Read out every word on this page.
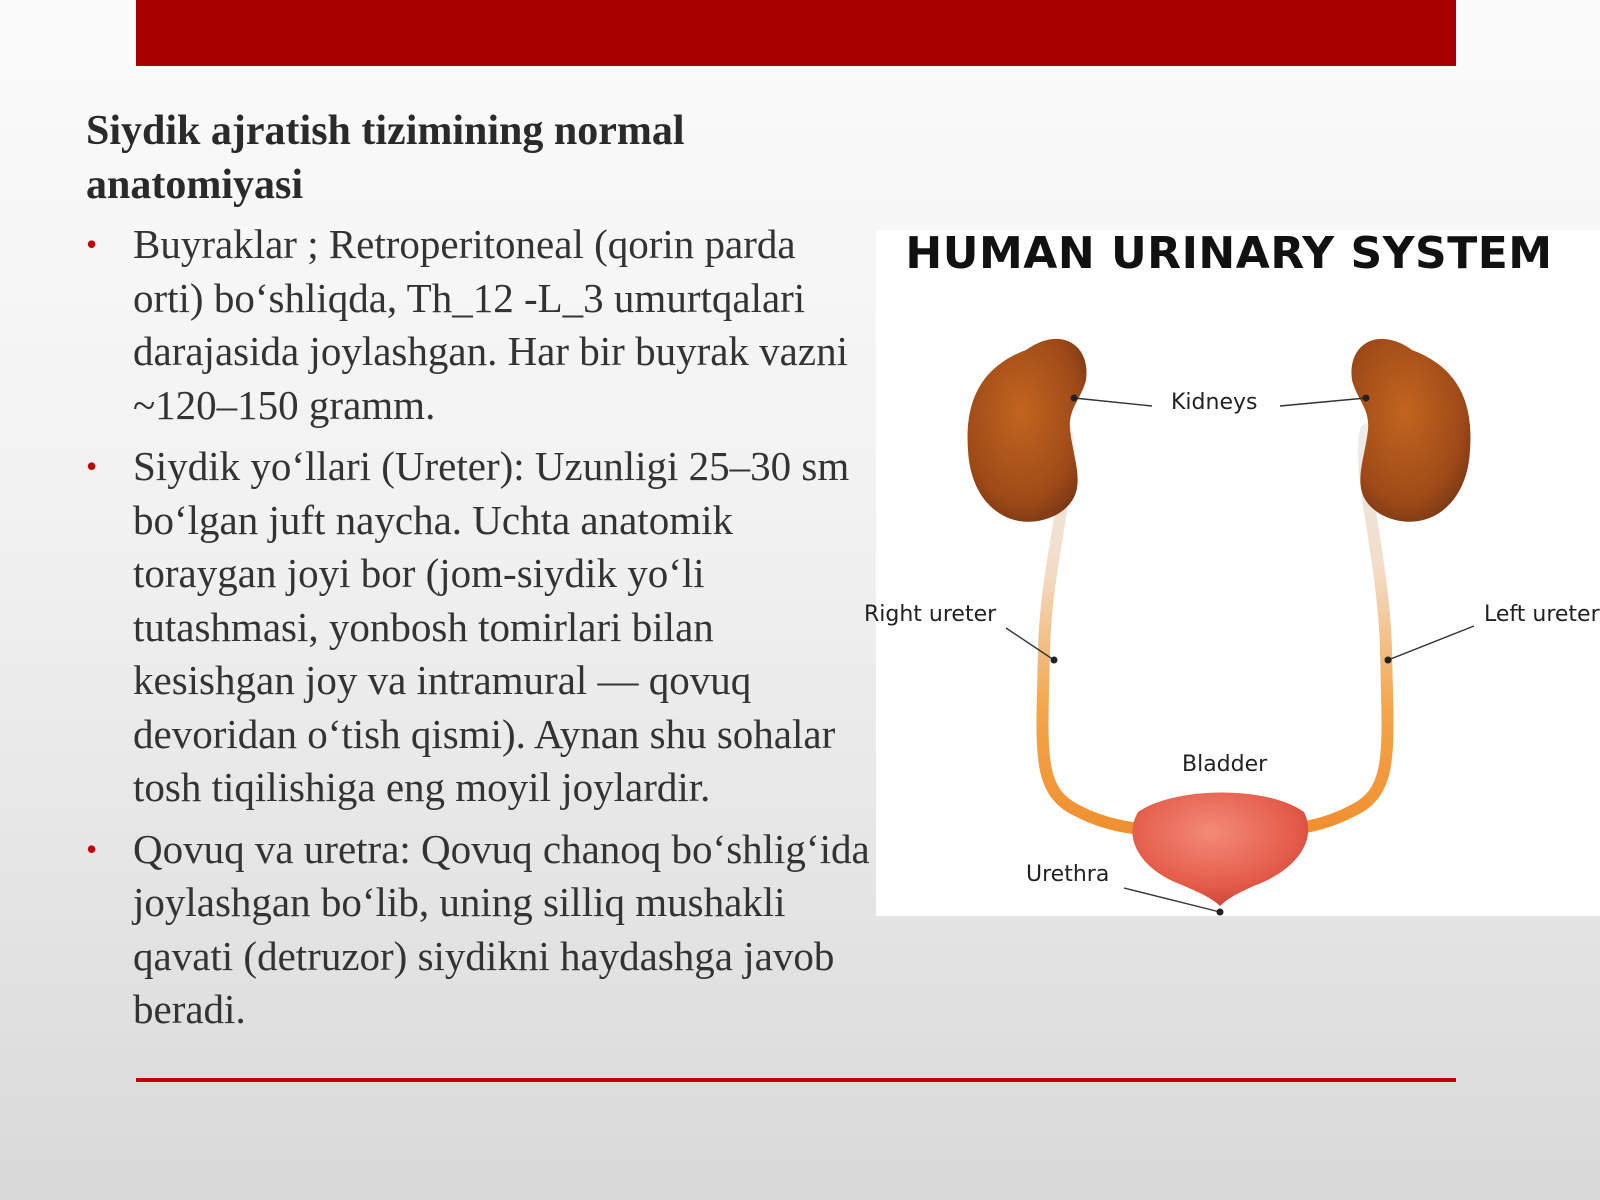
Siydik ajratish tizimining normal anatomiyasi
• Buyraklar ; Retroperitoneal (qorin parda orti) bo‘shliqda, Th_12 -L_3 umurtqalari darajasida joylashgan. Har bir buyrak vazni ~120–150 gramm.
• Siydik yo‘llari (Ureter): Uzunligi 25–30 sm bo‘lgan juft naycha. Uchta anatomik toraygan joyi bor (jom-siydik yo‘li tutashmasi, yonbosh tomirlari bilan kesishgan joy va intramural — qovuq devoridan o‘tish qismi). Aynan shu sohalar tosh tiqilishiga eng moyil joylardir.
• Qovuq va uretra: Qovuq chanoq bo‘shlig‘ida joylashgan bo‘lib, uning silliq mushakli qavati (detruzor) siydikni haydashga javob beradi.
HUMAN URINARY SYSTEM
Kidneys
Right ureter	Left ureter
Bladder
Urethra
